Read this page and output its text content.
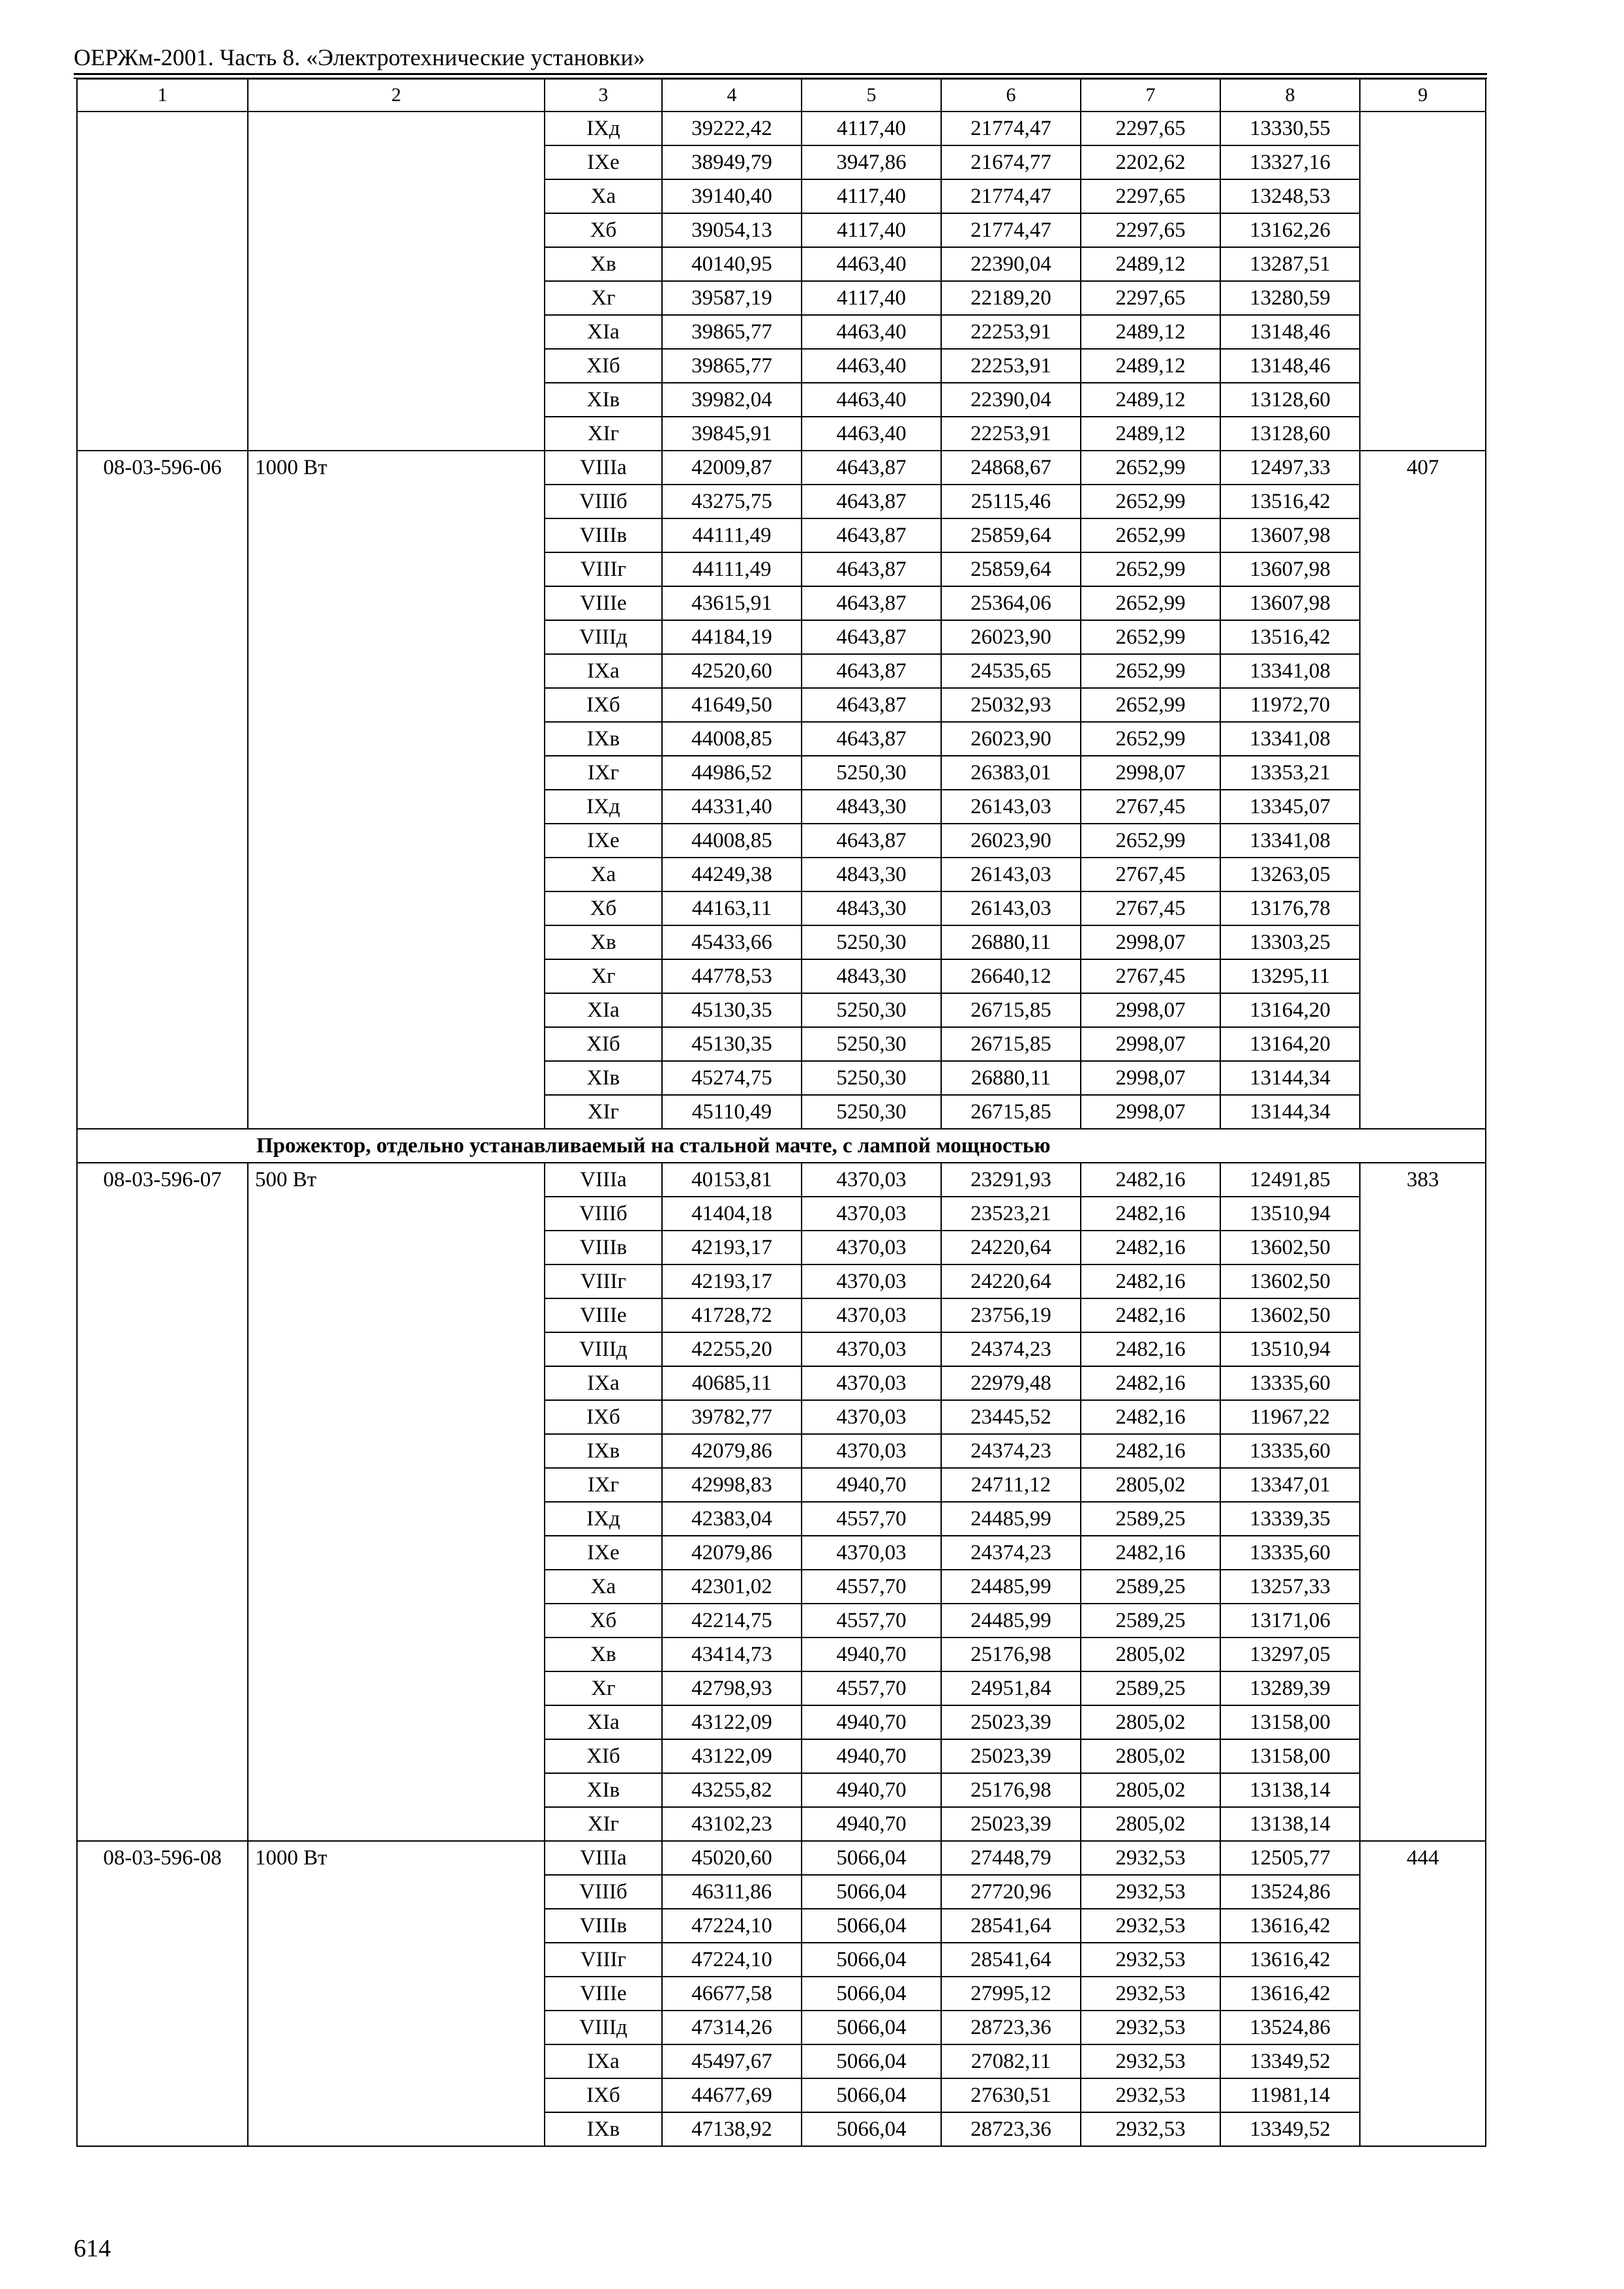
ОЕРЖм-2001. Часть 8. «Электротехнические установки»
1	2	3	4	5	6	7	8	9
		IXд	39222,42	4117,40	21774,47	2297,65	13330,55	
		IXе	38949,79	3947,86	21674,77	2202,62	13327,16	
		Xа	39140,40	4117,40	21774,47	2297,65	13248,53	
		Xб	39054,13	4117,40	21774,47	2297,65	13162,26	
		Xв	40140,95	4463,40	22390,04	2489,12	13287,51	
		Xг	39587,19	4117,40	22189,20	2297,65	13280,59	
		XIа	39865,77	4463,40	22253,91	2489,12	13148,46	
		XIб	39865,77	4463,40	22253,91	2489,12	13148,46	
		XIв	39982,04	4463,40	22390,04	2489,12	13128,60	
		XIг	39845,91	4463,40	22253,91	2489,12	13128,60	
08-03-596-06	1000 Вт	VIIIа	42009,87	4643,87	24868,67	2652,99	12497,33	407
		VIIIб	43275,75	4643,87	25115,46	2652,99	13516,42	
		VIIIв	44111,49	4643,87	25859,64	2652,99	13607,98	
		VIIIг	44111,49	4643,87	25859,64	2652,99	13607,98	
		VIIIе	43615,91	4643,87	25364,06	2652,99	13607,98	
		VIIIд	44184,19	4643,87	26023,90	2652,99	13516,42	
		IXа	42520,60	4643,87	24535,65	2652,99	13341,08	
		IXб	41649,50	4643,87	25032,93	2652,99	11972,70	
		IXв	44008,85	4643,87	26023,90	2652,99	13341,08	
		IXг	44986,52	5250,30	26383,01	2998,07	13353,21	
		IXд	44331,40	4843,30	26143,03	2767,45	13345,07	
		IXе	44008,85	4643,87	26023,90	2652,99	13341,08	
		Xа	44249,38	4843,30	26143,03	2767,45	13263,05	
		Xб	44163,11	4843,30	26143,03	2767,45	13176,78	
		Xв	45433,66	5250,30	26880,11	2998,07	13303,25	
		Xг	44778,53	4843,30	26640,12	2767,45	13295,11	
		XIа	45130,35	5250,30	26715,85	2998,07	13164,20	
		XIб	45130,35	5250,30	26715,85	2998,07	13164,20	
		XIв	45274,75	5250,30	26880,11	2998,07	13144,34	
		XIг	45110,49	5250,30	26715,85	2998,07	13144,34	
Прожектор, отдельно устанавливаемый на стальной мачте, с лампой мощностью								
08-03-596-07	500 Вт	VIIIа	40153,81	4370,03	23291,93	2482,16	12491,85	383
		VIIIб	41404,18	4370,03	23523,21	2482,16	13510,94	
		VIIIв	42193,17	4370,03	24220,64	2482,16	13602,50	
		VIIIг	42193,17	4370,03	24220,64	2482,16	13602,50	
		VIIIе	41728,72	4370,03	23756,19	2482,16	13602,50	
		VIIIд	42255,20	4370,03	24374,23	2482,16	13510,94	
		IXа	40685,11	4370,03	22979,48	2482,16	13335,60	
		IXб	39782,77	4370,03	23445,52	2482,16	11967,22	
		IXв	42079,86	4370,03	24374,23	2482,16	13335,60	
		IXг	42998,83	4940,70	24711,12	2805,02	13347,01	
		IXд	42383,04	4557,70	24485,99	2589,25	13339,35	
		IXе	42079,86	4370,03	24374,23	2482,16	13335,60	
		Xа	42301,02	4557,70	24485,99	2589,25	13257,33	
		Xб	42214,75	4557,70	24485,99	2589,25	13171,06	
		Xв	43414,73	4940,70	25176,98	2805,02	13297,05	
		Xг	42798,93	4557,70	24951,84	2589,25	13289,39	
		XIа	43122,09	4940,70	25023,39	2805,02	13158,00	
		XIб	43122,09	4940,70	25023,39	2805,02	13158,00	
		XIв	43255,82	4940,70	25176,98	2805,02	13138,14	
		XIг	43102,23	4940,70	25023,39	2805,02	13138,14	
08-03-596-08	1000 Вт	VIIIа	45020,60	5066,04	27448,79	2932,53	12505,77	444
		VIIIб	46311,86	5066,04	27720,96	2932,53	13524,86	
		VIIIв	47224,10	5066,04	28541,64	2932,53	13616,42	
		VIIIг	47224,10	5066,04	28541,64	2932,53	13616,42	
		VIIIе	46677,58	5066,04	27995,12	2932,53	13616,42	
		VIIIд	47314,26	5066,04	28723,36	2932,53	13524,86	
		IXа	45497,67	5066,04	27082,11	2932,53	13349,52	
		IXб	44677,69	5066,04	27630,51	2932,53	11981,14	
		IXв	47138,92	5066,04	28723,36	2932,53	13349,52	
614
